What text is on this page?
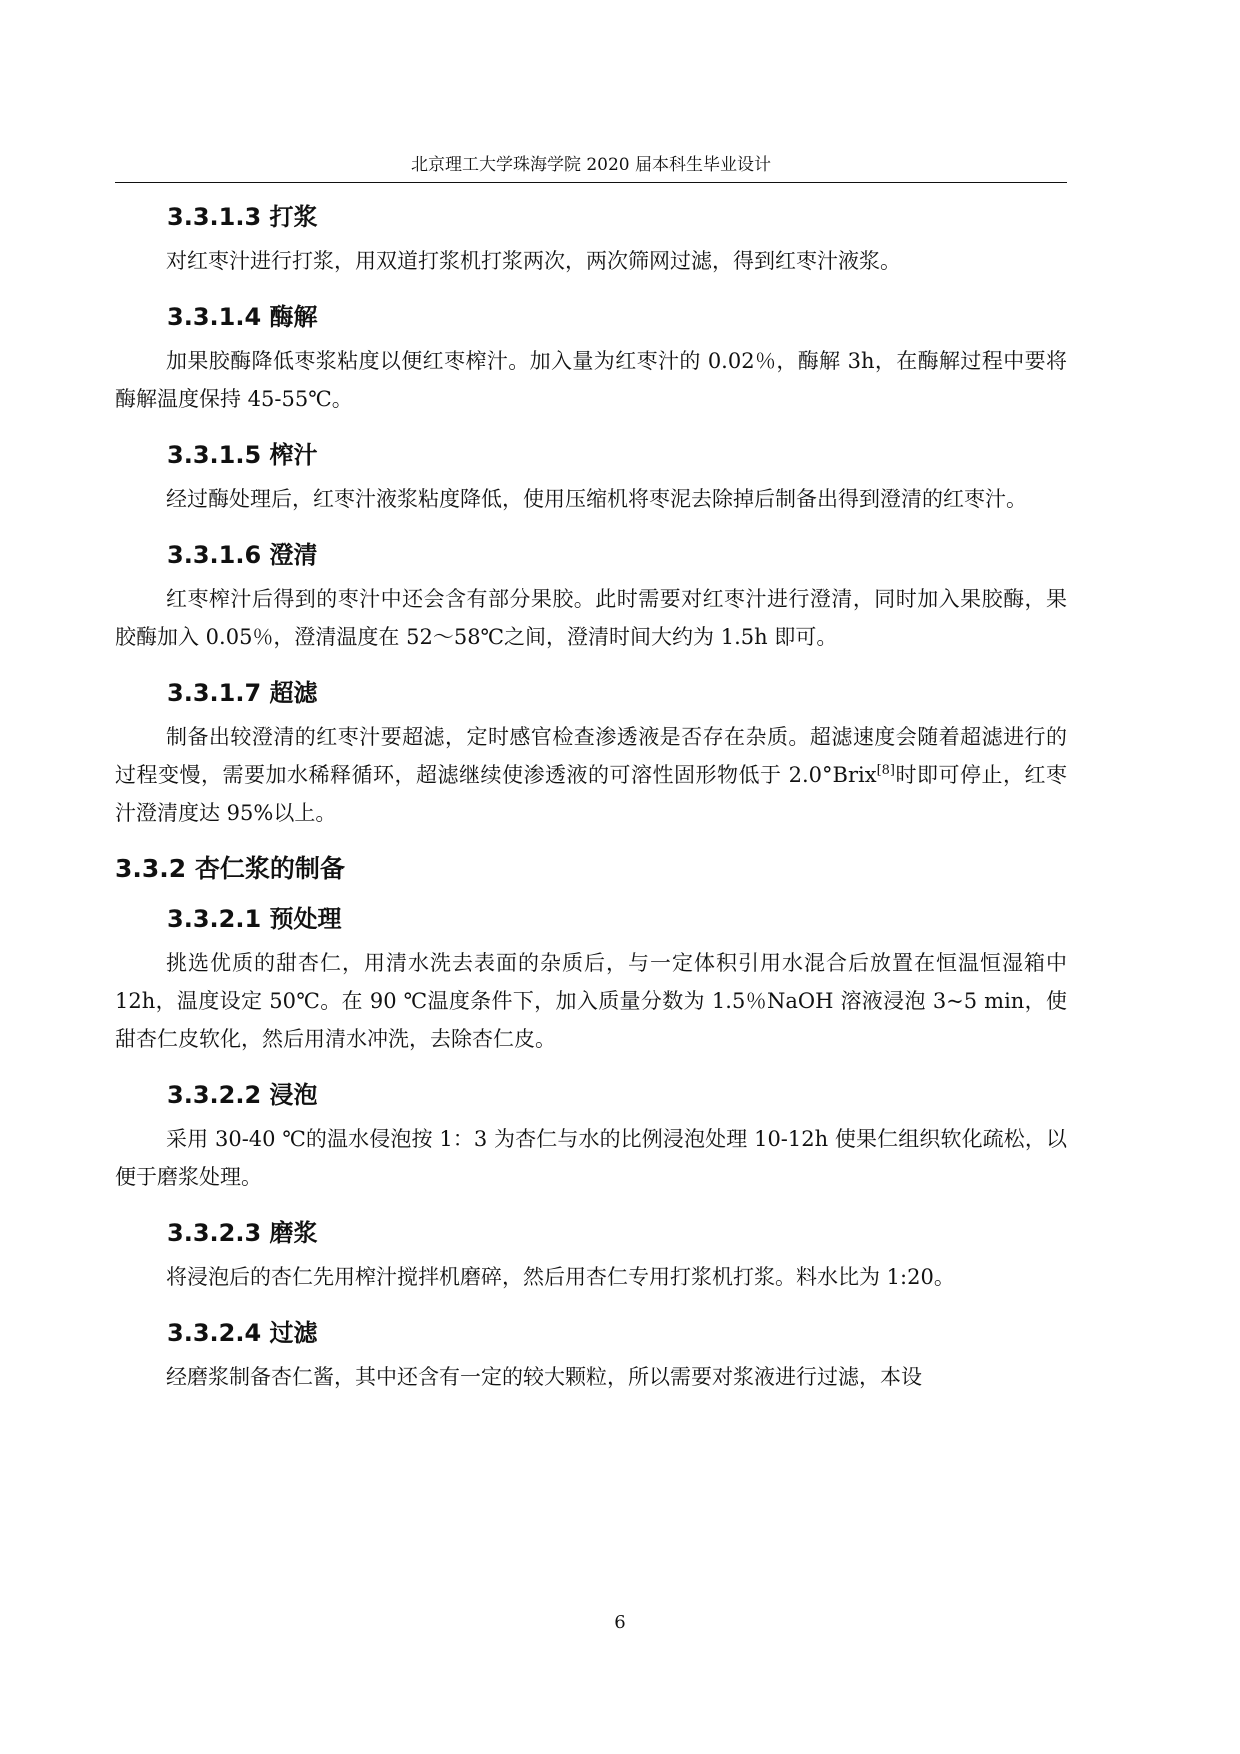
北京理工大学珠海学院 2020 届本科生毕业设计
3.3.1.3 打浆

对红枣汁进行打浆，用双道打浆机打浆两次，两次筛网过滤，得到红枣汁液浆。

3.3.1.4 酶解

加果胶酶降低枣浆粘度以便红枣榨汁。加入量为红枣汁的 0.02％，酶解 3h，在酶解过程中要将酶解温度保持 45-55℃。

3.3.1.5 榨汁

经过酶处理后，红枣汁液浆粘度降低，使用压缩机将枣泥去除掉后制备出得到澄清的红枣汁。

3.3.1.6 澄清

红枣榨汁后得到的枣汁中还会含有部分果胶。此时需要对红枣汁进行澄清，同时加入果胶酶，果胶酶加入 0.05％，澄清温度在 52～58℃之间，澄清时间大约为 1.5h 即可。

3.3.1.7 超滤

制备出较澄清的红枣汁要超滤，定时感官检查渗透液是否存在杂质。超滤速度会随着超滤进行的过程变慢，需要加水稀释循环，超滤继续使渗透液的可溶性固形物低于 2.0°Brix[8]时即可停止，红枣汁澄清度达 95%以上。

3.3.2 杏仁浆的制备
3.3.2.1 预处理

挑选优质的甜杏仁，用清水洗去表面的杂质后，与一定体积引用水混合后放置在恒温恒湿箱中 12h，温度设定 50℃。在 90 ℃温度条件下，加入质量分数为 1.5％NaOH 溶液浸泡 3~5 min，使甜杏仁皮软化，然后用清水冲洗，去除杏仁皮。

3.3.2.2 浸泡

采用 30-40 ℃的温水侵泡按 1：3 为杏仁与水的比例浸泡处理 10-12h 使果仁组织软化疏松，以便于磨浆处理。

3.3.2.3 磨浆

将浸泡后的杏仁先用榨汁搅拌机磨碎，然后用杏仁专用打浆机打浆。料水比为 1:20。

3.3.2.4 过滤

经磨浆制备杏仁酱，其中还含有一定的较大颗粒，所以需要对浆液进行过滤，本设

6
